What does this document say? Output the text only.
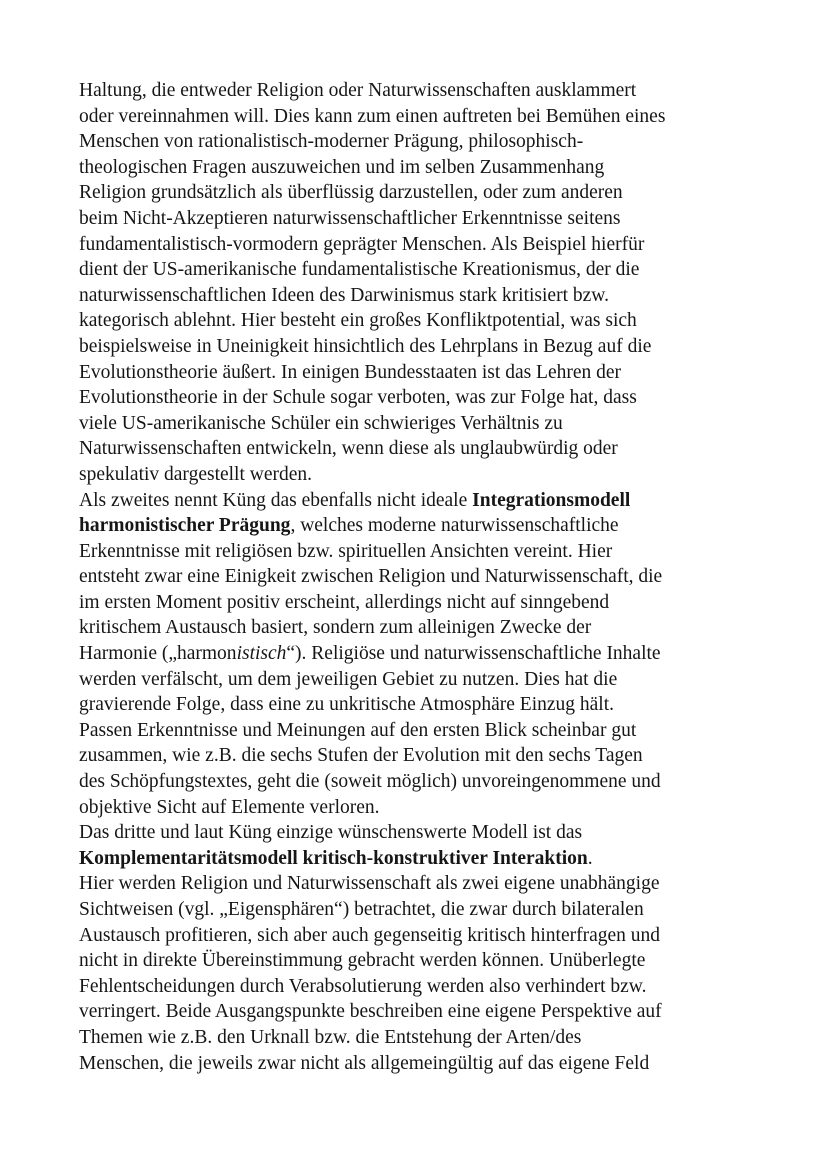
Haltung, die entweder Religion oder Naturwissenschaften ausklammert
oder vereinnahmen will. Dies kann zum einen auftreten bei Bemühen eines
Menschen von rationalistisch-moderner Prägung, philosophisch-
theologischen Fragen auszuweichen und im selben Zusammenhang
Religion grundsätzlich als überflüssig darzustellen, oder zum anderen
beim Nicht-Akzeptieren naturwissenschaftlicher Erkenntnisse seitens
fundamentalistisch-vormodern geprägter Menschen. Als Beispiel hierfür
dient der US-amerikanische fundamentalistische Kreationismus, der die
naturwissenschaftlichen Ideen des Darwinismus stark kritisiert bzw.
kategorisch ablehnt. Hier besteht ein großes Konfliktpotential, was sich
beispielsweise in Uneinigkeit hinsichtlich des Lehrplans in Bezug auf die
Evolutionstheorie äußert. In einigen Bundesstaaten ist das Lehren der
Evolutionstheorie in der Schule sogar verboten, was zur Folge hat, dass
viele US-amerikanische Schüler ein schwieriges Verhältnis zu
Naturwissenschaften entwickeln, wenn diese als unglaubwürdig oder
spekulativ dargestellt werden.
Als zweites nennt Küng das ebenfalls nicht ideale Integrationsmodell
harmonistischer Prägung, welches moderne naturwissenschaftliche
Erkenntnisse mit religiösen bzw. spirituellen Ansichten vereint. Hier
entsteht zwar eine Einigkeit zwischen Religion und Naturwissenschaft, die
im ersten Moment positiv erscheint, allerdings nicht auf sinngebend
kritischem Austausch basiert, sondern zum alleinigen Zwecke der
Harmonie („harmonistisch“). Religiöse und naturwissenschaftliche Inhalte
werden verfälscht, um dem jeweiligen Gebiet zu nutzen. Dies hat die
gravierende Folge, dass eine zu unkritische Atmosphäre Einzug hält.
Passen Erkenntnisse und Meinungen auf den ersten Blick scheinbar gut
zusammen, wie z.B. die sechs Stufen der Evolution mit den sechs Tagen
des Schöpfungstextes, geht die (soweit möglich) unvoreingenommene und
objektive Sicht auf Elemente verloren.
Das dritte und laut Küng einzige wünschenswerte Modell ist das
Komplementaritätsmodell kritisch-konstruktiver Interaktion.
Hier werden Religion und Naturwissenschaft als zwei eigene unabhängige
Sichtweisen (vgl. „Eigensphären“) betrachtet, die zwar durch bilateralen
Austausch profitieren, sich aber auch gegenseitig kritisch hinterfragen und
nicht in direkte Übereinstimmung gebracht werden können. Unüberlegte
Fehlentscheidungen durch Verabsolutierung werden also verhindert bzw.
verringert. Beide Ausgangspunkte beschreiben eine eigene Perspektive auf
Themen wie z.B. den Urknall bzw. die Entstehung der Arten/des
Menschen, die jeweils zwar nicht als allgemeingültig auf das eigene Feld
